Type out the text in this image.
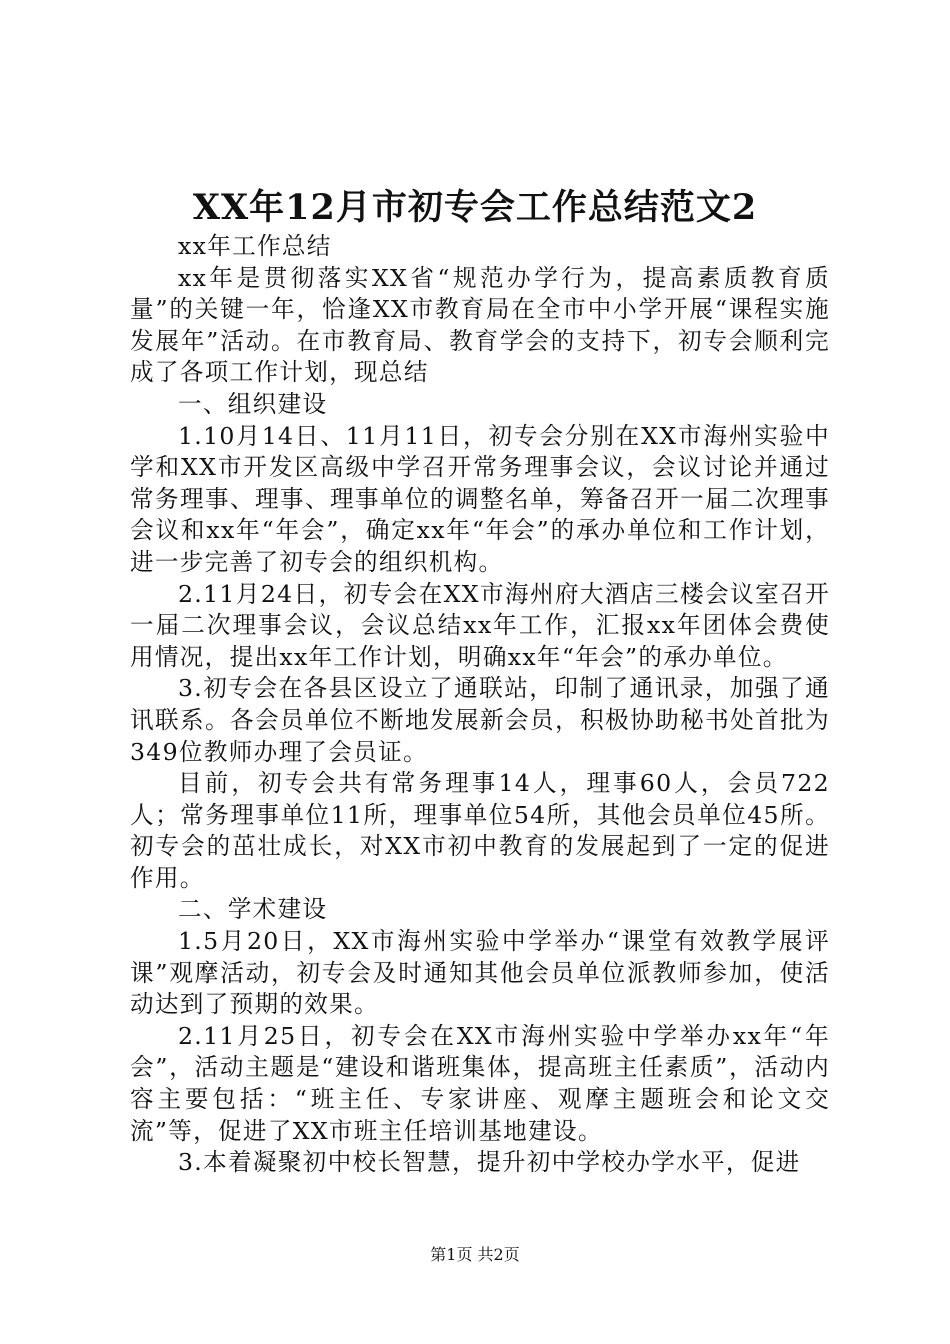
XX年12月市初专会工作总结范文2

xx年工作总结

xx年是贯彻落实XX省“规范办学行为，提高素质教育质量”的关键一年，恰逢XX市教育局在全市中小学开展“课程实施发展年”活动。在市教育局、教育学会的支持下，初专会顺利完成了各项工作计划，现总结

一、组织建设

1.10月14日、11月11日，初专会分别在XX市海州实验中学和XX市开发区高级中学召开常务理事会议，会议讨论并通过常务理事、理事、理事单位的调整名单，筹备召开一届二次理事会议和xx年“年会”，确定xx年“年会”的承办单位和工作计划，进一步完善了初专会的组织机构。

2.11月24日，初专会在XX市海州府大酒店三楼会议室召开一届二次理事会议，会议总结xx年工作，汇报xx年团体会费使用情况，提出xx年工作计划，明确xx年“年会”的承办单位。

3.初专会在各县区设立了通联站，印制了通讯录，加强了通讯联系。各会员单位不断地发展新会员，积极协助秘书处首批为349位教师办理了会员证。

目前，初专会共有常务理事14人，理事60人，会员722人；常务理事单位11所，理事单位54所，其他会员单位45所。初专会的茁壮成长，对XX市初中教育的发展起到了一定的促进作用。

二、学术建设

1.5月20日，XX市海州实验中学举办“课堂有效教学展评课”观摩活动，初专会及时通知其他会员单位派教师参加，使活动达到了预期的效果。

2.11月25日，初专会在XX市海州实验中学举办xx年“年会”，活动主题是“建设和谐班集体，提高班主任素质”，活动内容主要包括：“班主任、专家讲座、观摩主题班会和论文交流”等，促进了XX市班主任培训基地建设。

3.本着凝聚初中校长智慧，提升初中学校办学水平，促进

第1页 共2页
